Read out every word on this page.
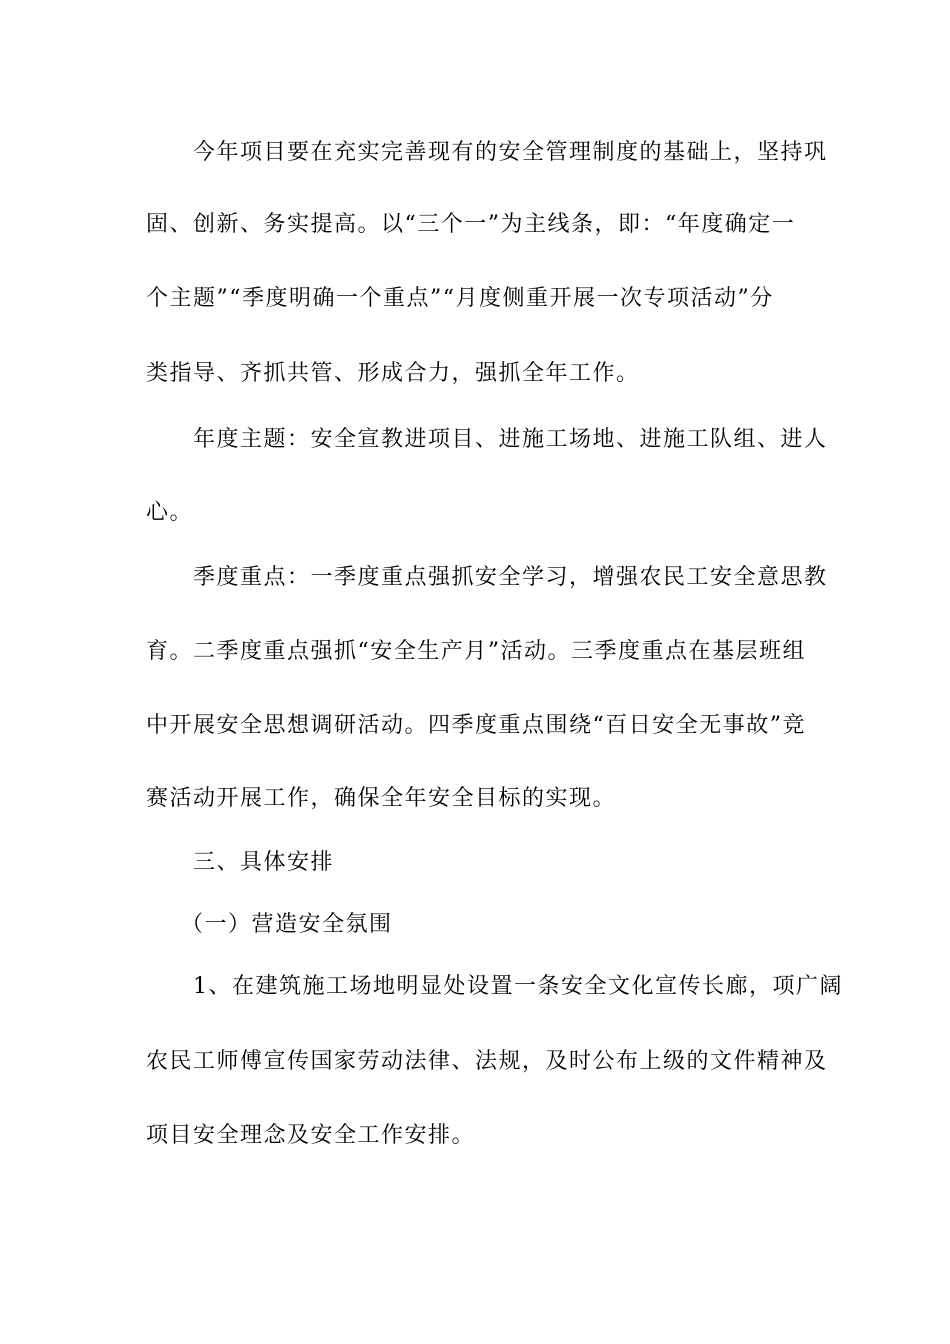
今年项目要在充实完善现有的安全管理制度的基础上，坚持巩
固、创新、务实提高。以“三个一”为主线条，即：“年度确定一
个主题”“季度明确一个重点”“月度侧重开展一次专项活动”分
类指导、齐抓共管、形成合力，强抓全年工作。
年度主题：安全宣教进项目、进施工场地、进施工队组、进人
心。
季度重点：一季度重点强抓安全学习，增强农民工安全意思教
育。二季度重点强抓“安全生产月”活动。三季度重点在基层班组
中开展安全思想调研活动。四季度重点围绕“百日安全无事故”竞
赛活动开展工作，确保全年安全目标的实现。
三、具体安排
（一）营造安全氛围
1、在建筑施工场地明显处设置一条安全文化宣传长廊，项广阔
农民工师傅宣传国家劳动法律、法规，及时公布上级的文件精神及
项目安全理念及安全工作安排。
